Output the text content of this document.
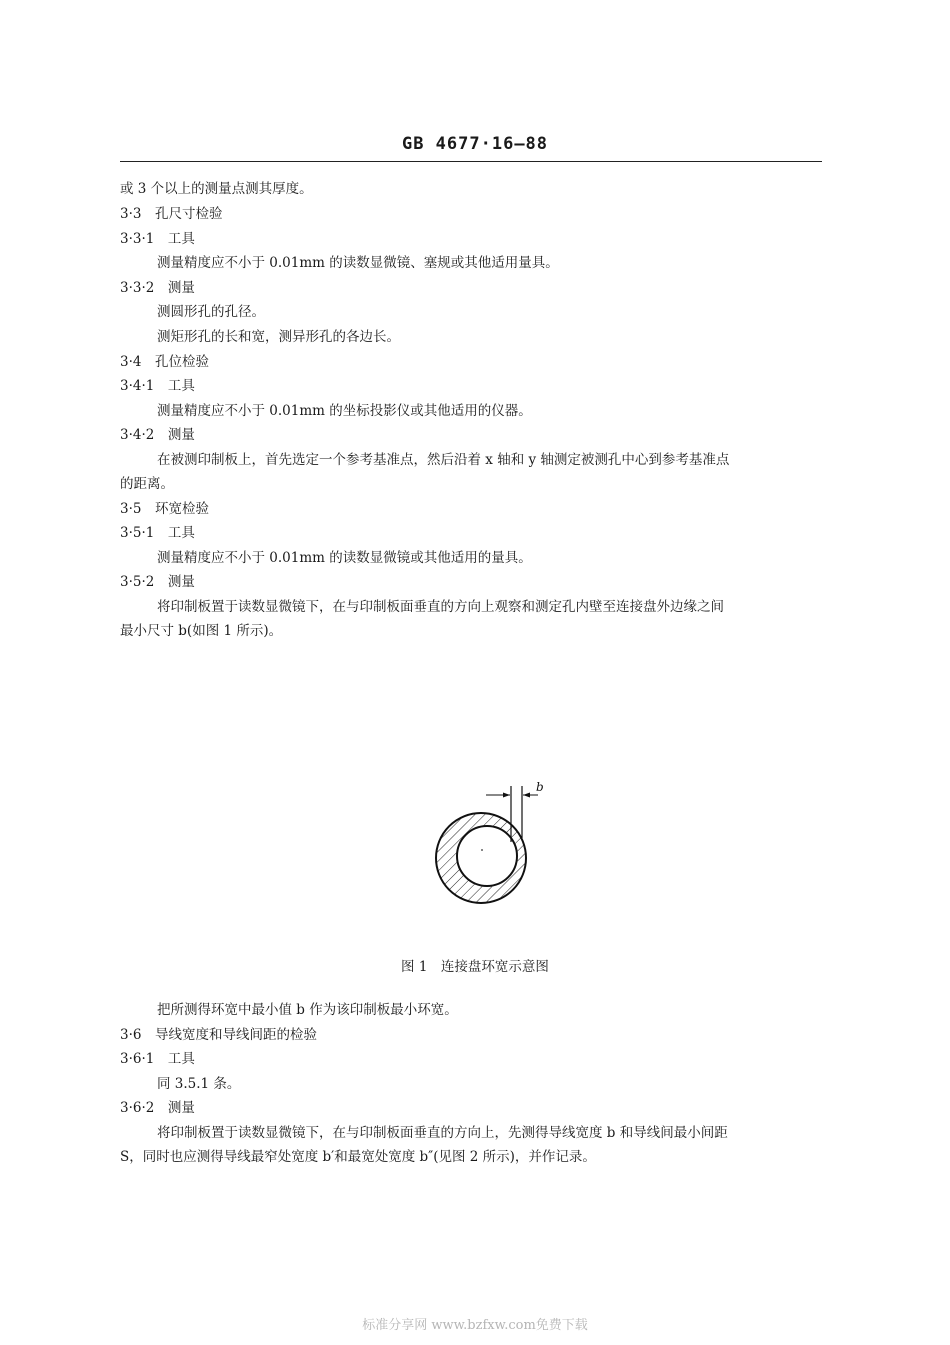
GB 4677·16—88
或 3 个以上的测量点测其厚度。
3·3　孔尺寸检验
3·3·1　工具
测量精度应不小于 0.01mm 的读数显微镜、塞规或其他适用量具。
3·3·2　测量
测圆形孔的孔径。
测矩形孔的长和宽，测异形孔的各边长。
3·4　孔位检验
3·4·1　工具
测量精度应不小于 0.01mm 的坐标投影仪或其他适用的仪器。
3·4·2　测量
在被测印制板上，首先选定一个参考基准点，然后沿着 x 轴和 y 轴测定被测孔中心到参考基准点
的距离。
3·5　环宽检验
3·5·1　工具
测量精度应不小于 0.01mm 的读数显微镜或其他适用的量具。
3·5·2　测量
将印制板置于读数显微镜下，在与印制板面垂直的方向上观察和测定孔内壁至连接盘外边缘之间
最小尺寸 b(如图 1 所示)。
b
图 1　连接盘环宽示意图
把所测得环宽中最小值 b 作为该印制板最小环宽。
3·6　导线宽度和导线间距的检验
3·6·1　工具
同 3.5.1 条。
3·6·2　测量
将印制板置于读数显微镜下，在与印制板面垂直的方向上，先测得导线宽度 b 和导线间最小间距
S，同时也应测得导线最窄处宽度 b′和最宽处宽度 b″(见图 2 所示)，并作记录。
标准分享网 www.bzfxw.com免费下载
